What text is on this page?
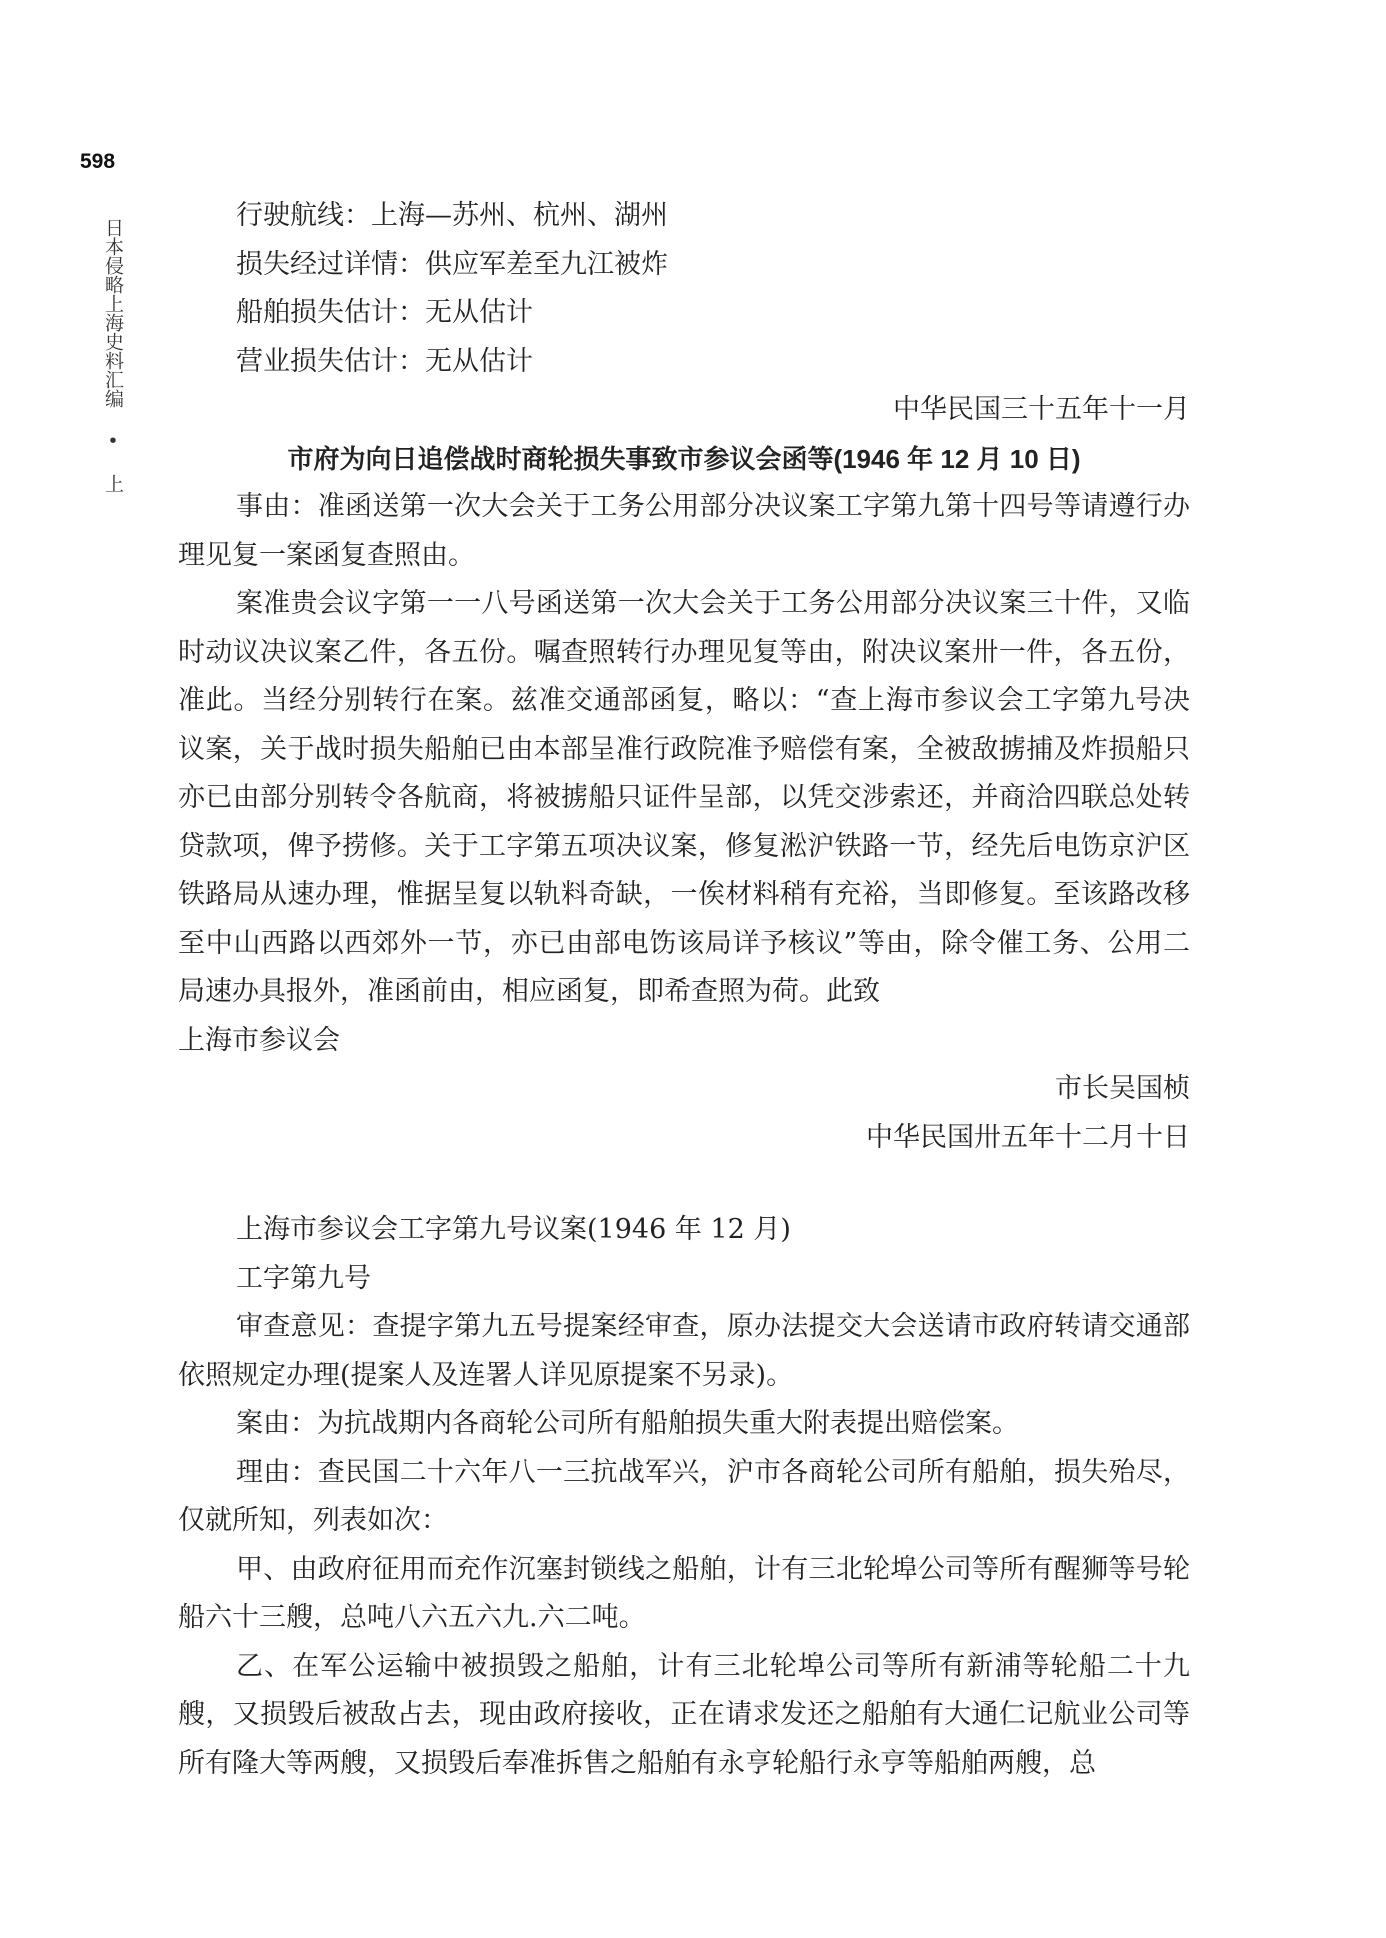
598
日本侵略上海史料汇编 • 上

行驶航线：上海—苏州、杭州、湖州

损失经过详情：供应军差至九江被炸

船舶损失估计：无从估计

营业损失估计：无从估计

中华民国三十五年十一月

市府为向日追偿战时商轮损失事致市参议会函等(1946 年 12 月 10 日)

事由：准函送第一次大会关于工务公用部分决议案工字第九第十四号等请遵行办理见复一案函复查照由。

案准贵会议字第一一八号函送第一次大会关于工务公用部分决议案三十件，又临时动议决议案乙件，各五份。嘱查照转行办理见复等由，附决议案卅一件，各五份，准此。当经分别转行在案。兹准交通部函复，略以：“查上海市参议会工字第九号决议案，关于战时损失船舶已由本部呈准行政院准予赔偿有案，全被敌掳捕及炸损船只亦已由部分别转令各航商，将被掳船只证件呈部，以凭交涉索还，并商洽四联总处转贷款项，俾予捞修。关于工字第五项决议案，修复淞沪铁路一节，经先后电饬京沪区铁路局从速办理，惟据呈复以轨料奇缺，一俟材料稍有充裕，当即修复。至该路改移至中山西路以西郊外一节，亦已由部电饬该局详予核议”等由，除令催工务、公用二局速办具报外，准函前由，相应函复，即希查照为荷。此致

上海市参议会

市长吴国桢

中华民国卅五年十二月十日

上海市参议会工字第九号议案(1946 年 12 月)

工字第九号

审查意见：查提字第九五号提案经审查，原办法提交大会送请市政府转请交通部依照规定办理(提案人及连署人详见原提案不另录)。

案由：为抗战期内各商轮公司所有船舶损失重大附表提出赔偿案。

理由：查民国二十六年八一三抗战军兴，沪市各商轮公司所有船舶，损失殆尽，仅就所知，列表如次：

甲、由政府征用而充作沉塞封锁线之船舶，计有三北轮埠公司等所有醒狮等号轮船六十三艘，总吨八六五六九.六二吨。

乙、在军公运输中被损毁之船舶，计有三北轮埠公司等所有新浦等轮船二十九艘，又损毁后被敌占去，现由政府接收，正在请求发还之船舶有大通仁记航业公司等所有隆大等两艘，又损毁后奉准拆售之船舶有永亨轮船行永亨等船舶两艘，总
